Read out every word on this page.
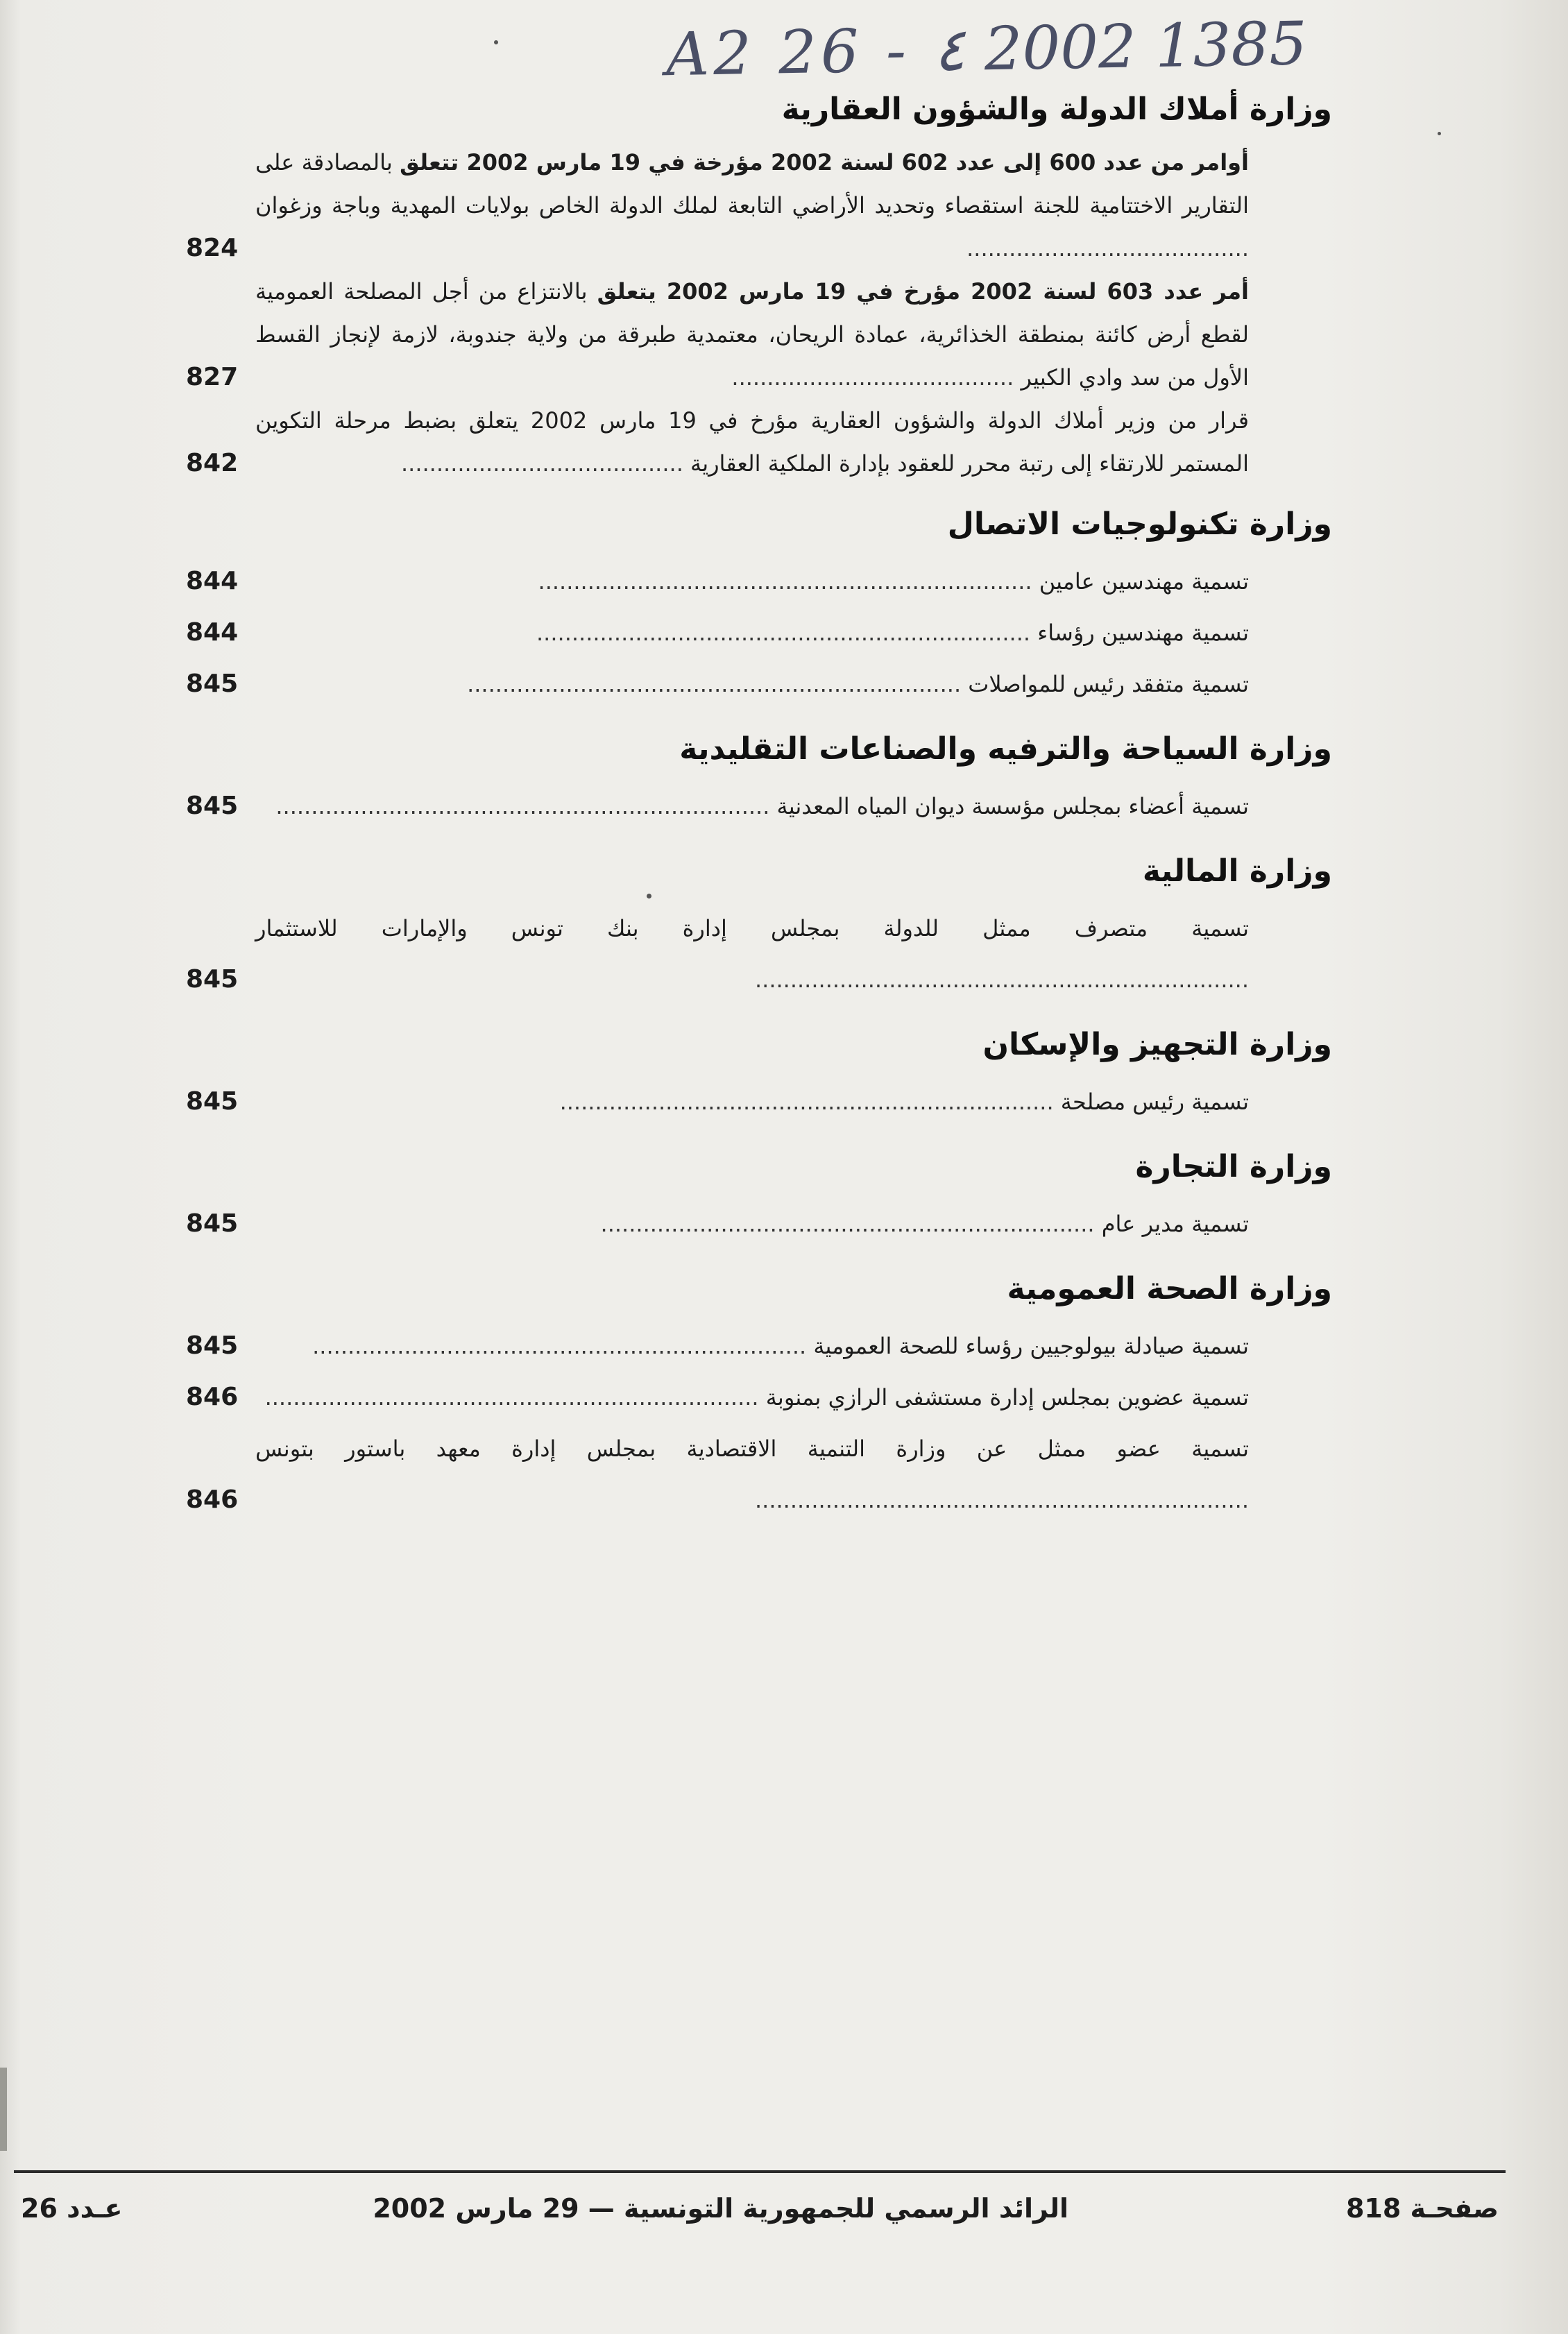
A2 26 - ٤ 2002 1385
وزارة أملاك الدولة والشؤون العقارية
أوامر من عدد 600 إلى عدد 602 لسنة 2002 مؤرخة في 19 مارس 2002 تتعلق بالمصادقة على التقارير الاختتامية للجنة استقصاء وتحديد الأراضي التابعة لملك الدولة الخاص بولايات المهدية وباجة وزغوان ........................................
824
أمر عدد 603 لسنة 2002 مؤرخ في 19 مارس 2002 يتعلق بالانتزاع من أجل المصلحة العمومية لقطع أرض كائنة بمنطقة الخذائرية، عمادة الريحان، معتمدية طبرقة من ولاية جندوبة، لازمة لإنجاز القسط الأول من سد وادي الكبير ........................................
827
قرار من وزير أملاك الدولة والشؤون العقارية مؤرخ في 19 مارس 2002 يتعلق بضبط مرحلة التكوين المستمر للارتقاء إلى رتبة محرر للعقود بإدارة الملكية العقارية ........................................
842
وزارة تكنولوجيات الاتصال
تسمية مهندسين عامين ......................................................................
844
تسمية مهندسين رؤساء ......................................................................
844
تسمية متفقد رئيس للمواصلات ......................................................................
845
وزارة السياحة والترفيه والصناعات التقليدية
تسمية أعضاء بمجلس مؤسسة ديوان المياه المعدنية ......................................................................
845
وزارة المالية
تسمية متصرف ممثل للدولة بمجلس إدارة بنك تونس والإمارات للاستثمار ......................................................................
845
وزارة التجهيز والإسكان
تسمية رئيس مصلحة ......................................................................
845
وزارة التجارة
تسمية مدير عام ......................................................................
845
وزارة الصحة العمومية
تسمية صيادلة بيولوجيين رؤساء للصحة العمومية ......................................................................
845
تسمية عضوين بمجلس إدارة مستشفى الرازي بمنوبة ......................................................................
846
تسمية عضو ممثل عن وزارة التنمية الاقتصادية بمجلس إدارة معهد باستور بتونس ......................................................................
846
صفحـة 818
الرائد الرسمي للجمهورية التونسية — 29 مارس 2002
عـدد 26
